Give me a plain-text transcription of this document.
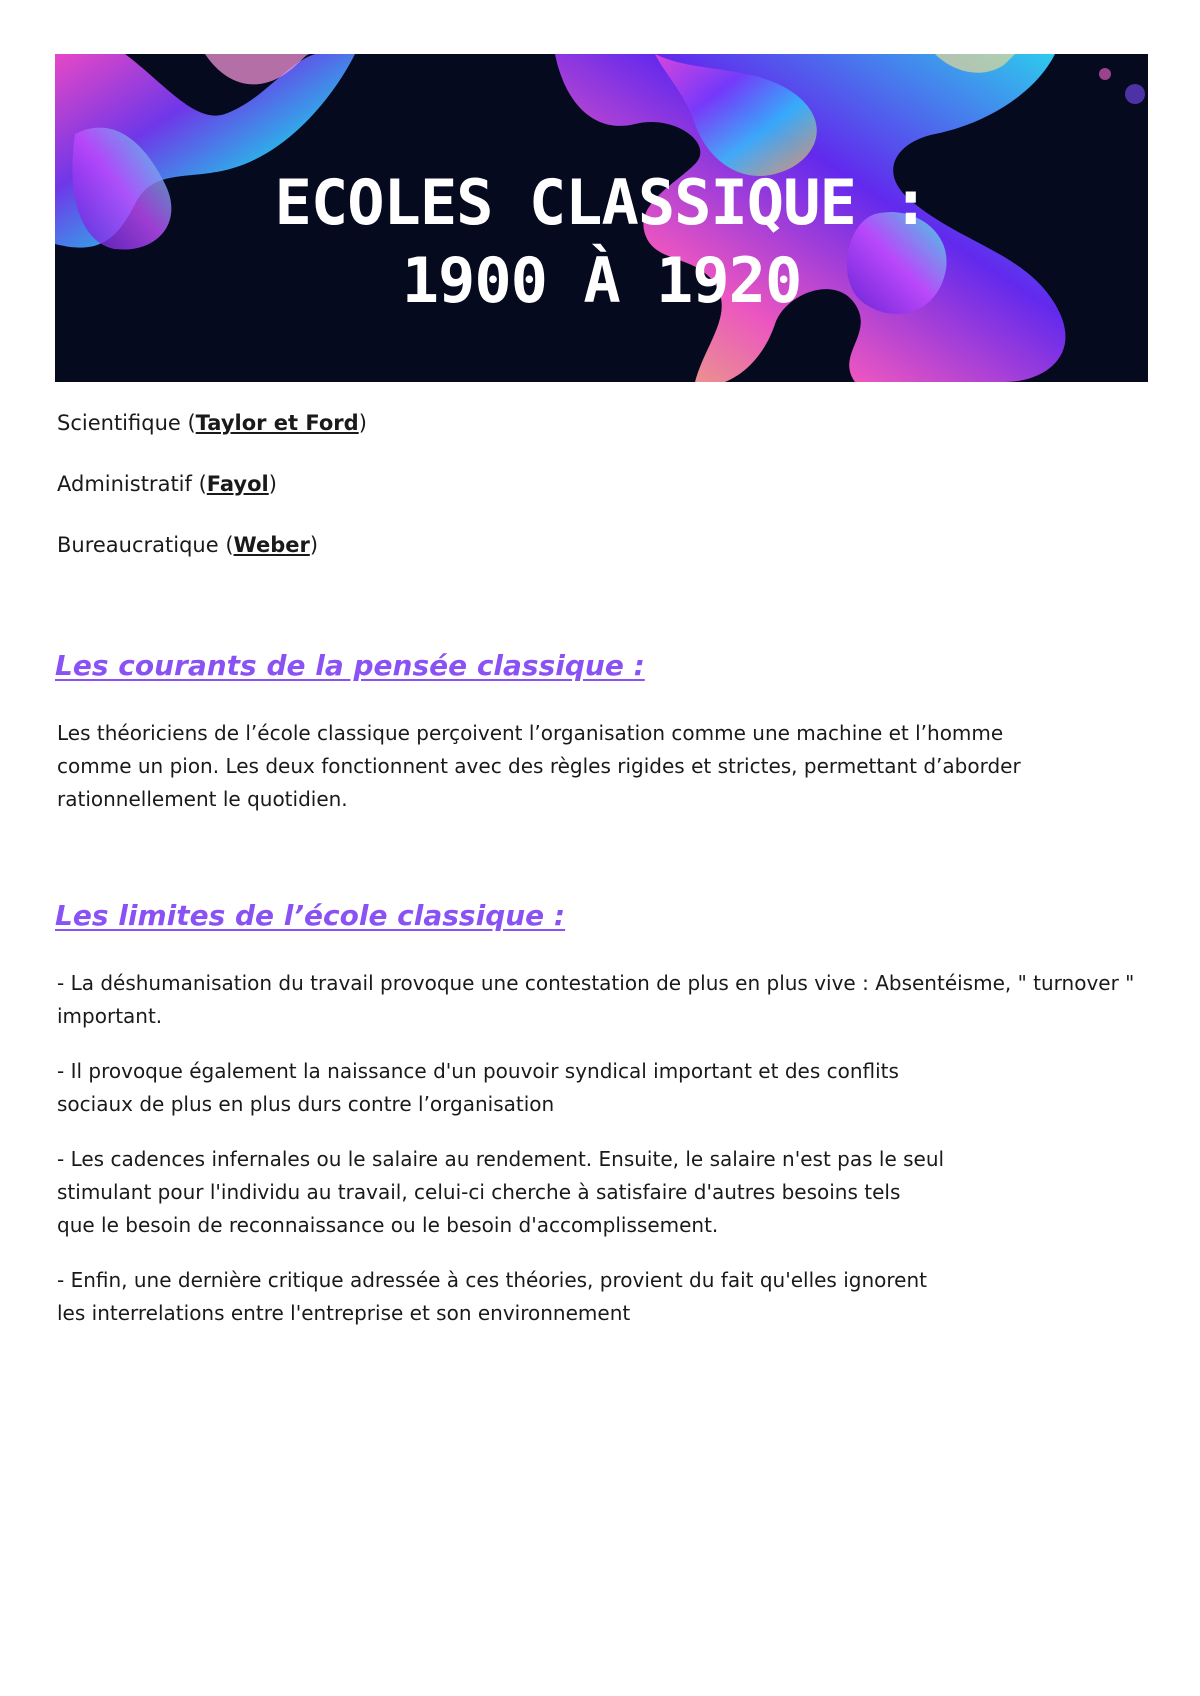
ECOLES CLASSIQUE :
1900 À 1920

Scientifique (Taylor et Ford)

Administratif (Fayol)

Bureaucratique (Weber)

Les courants de la pensée classique :

Les théoriciens de l’école classique perçoivent l’organisation comme une machine et l’homme comme un pion. Les deux fonctionnent avec des règles rigides et strictes, permettant d’aborder rationnellement le quotidien.

Les limites de l’école classique :

- La déshumanisation du travail provoque une contestation de plus en plus vive : Absentéisme, " turnover " important.

- Il provoque également la naissance d'un pouvoir syndical important et des conflits
sociaux de plus en plus durs contre l’organisation

- Les cadences infernales ou le salaire au rendement. Ensuite, le salaire n'est pas le seul
stimulant pour l'individu au travail, celui-ci cherche à satisfaire d'autres besoins tels
que le besoin de reconnaissance ou le besoin d'accomplissement.

- Enfin, une dernière critique adressée à ces théories, provient du fait qu'elles ignorent
les interrelations entre l'entreprise et son environnement
